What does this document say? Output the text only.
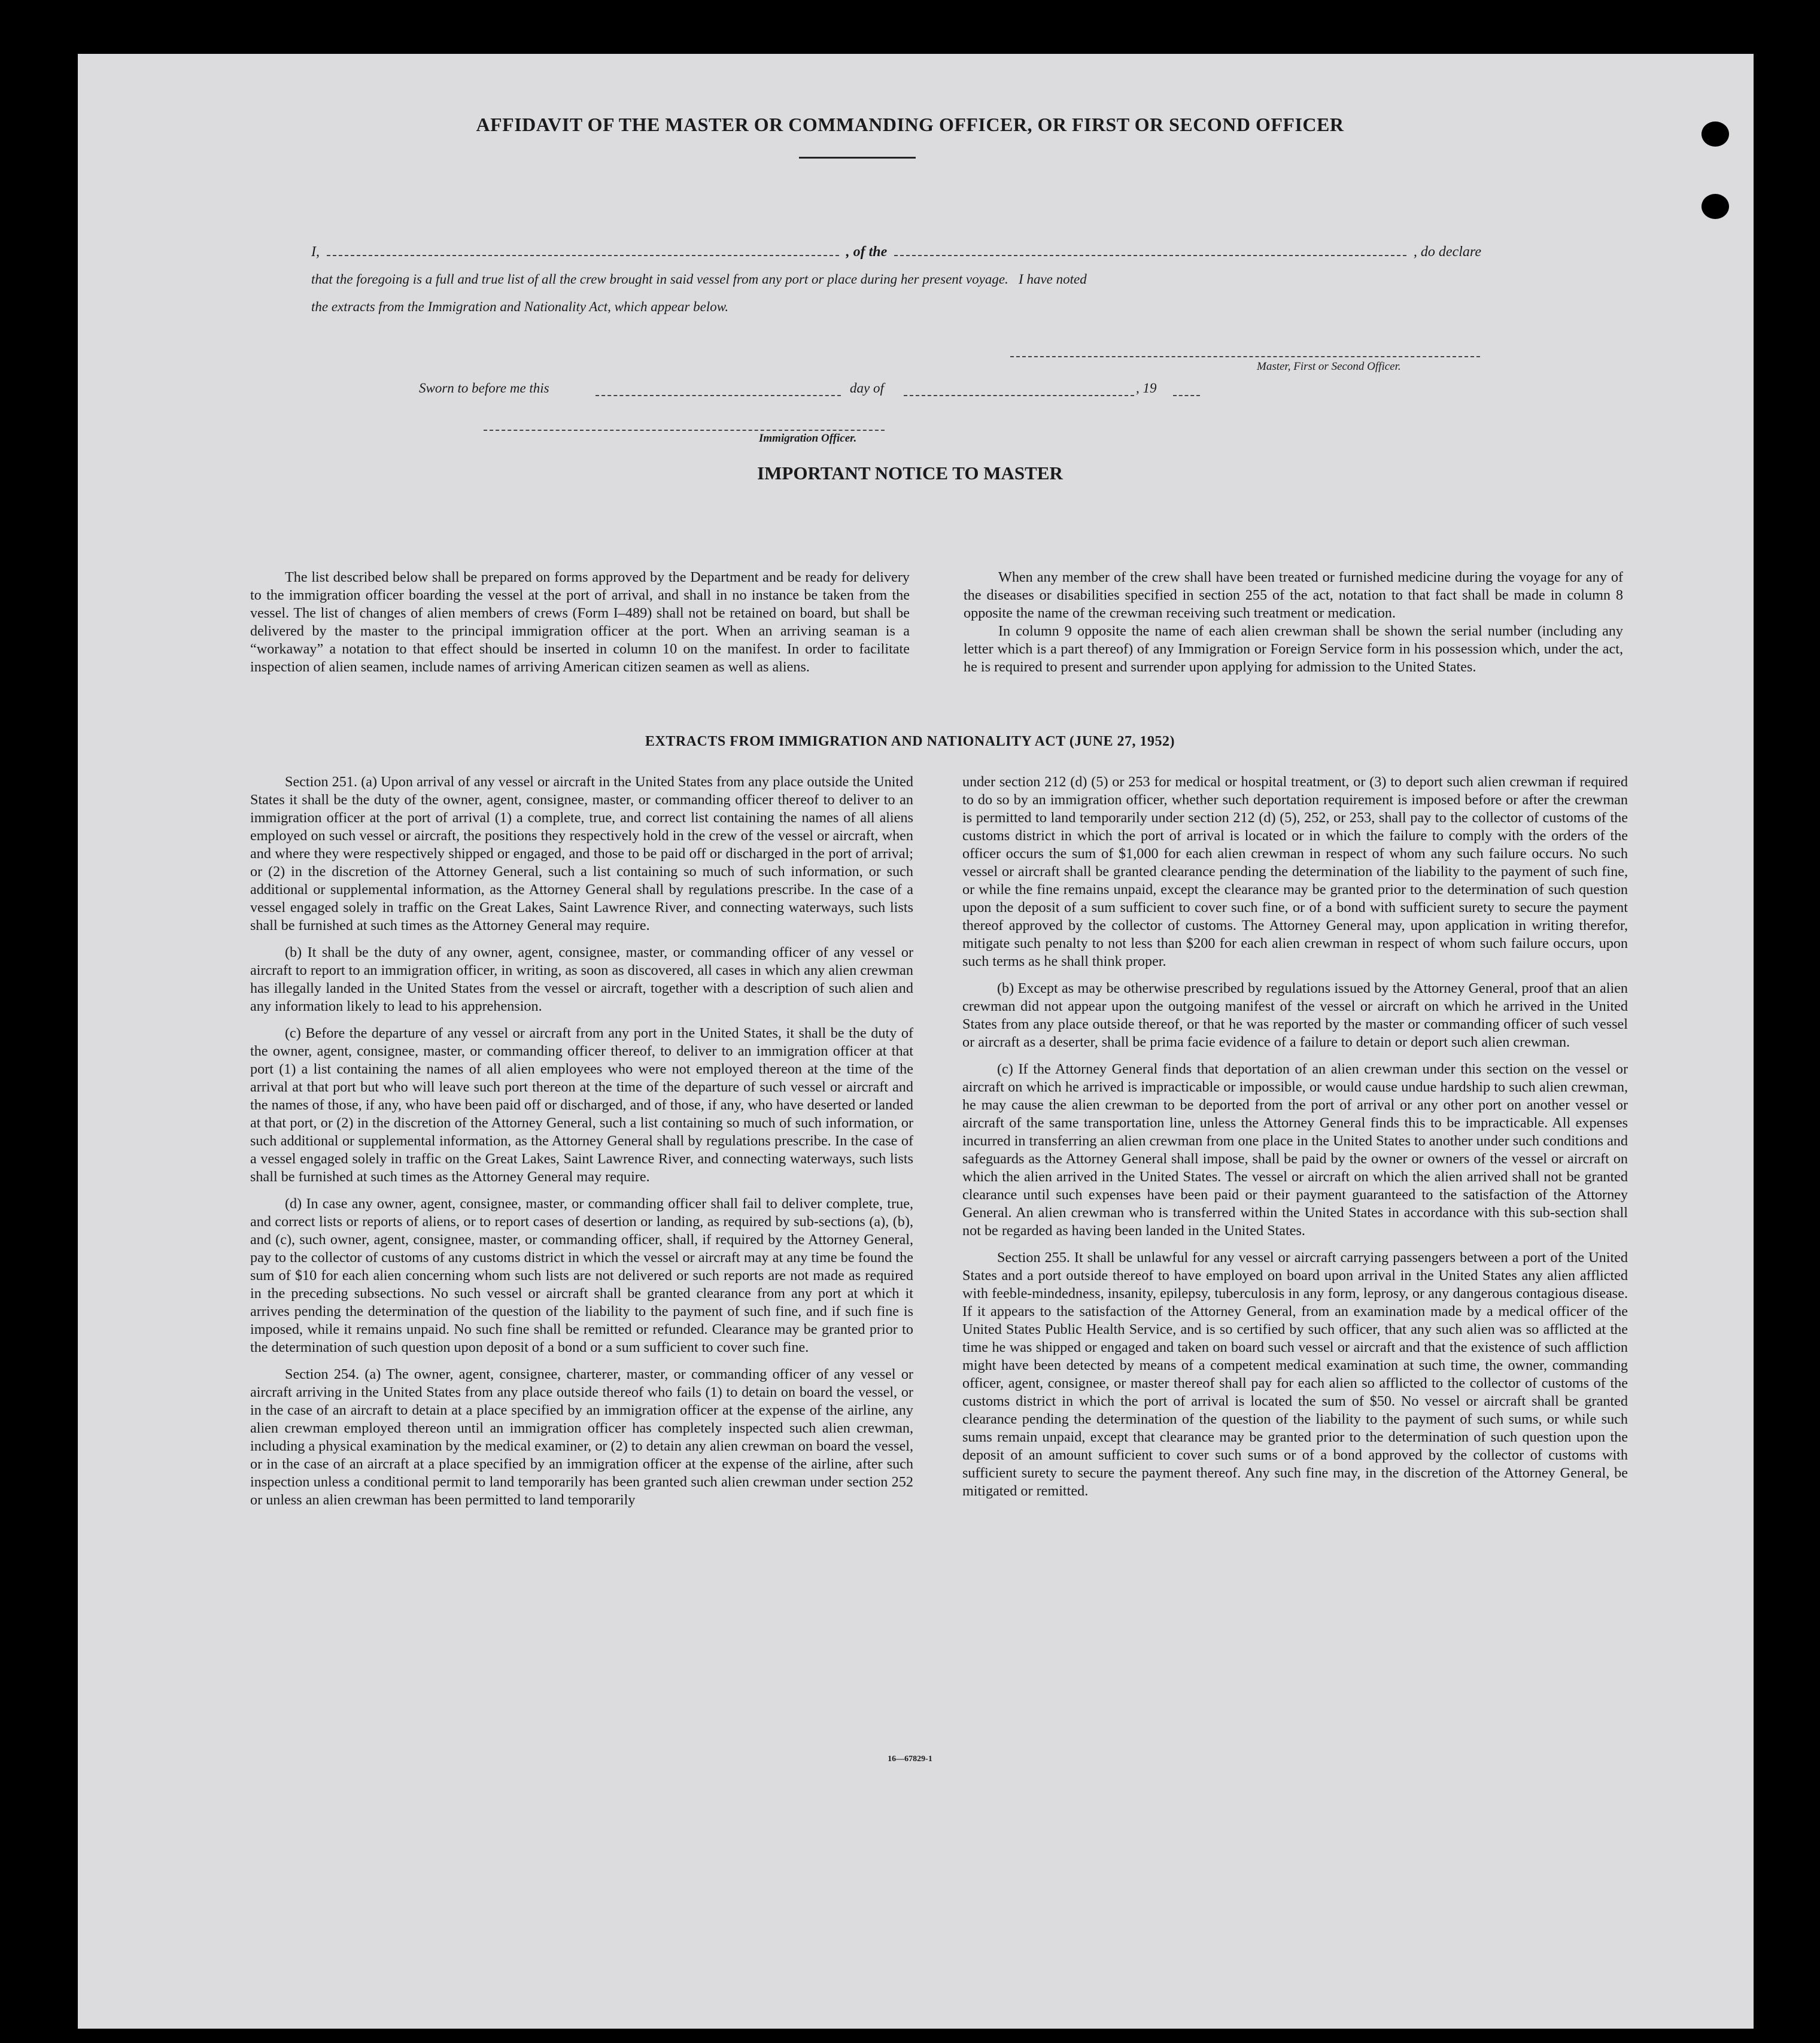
AFFIDAVIT OF THE MASTER OR COMMANDING OFFICER, OR FIRST OR SECOND OFFICER
I,	, of the	, do declare
that the foregoing is a full and true list of all the crew brought in said vessel from any port or place during her present voyage.   I have noted
the extracts from the Immigration and Nationality Act, which appear below.
Master, First or Second Officer.
Sworn to before me this	day of	, 19
Immigration Officer.
IMPORTANT NOTICE TO MASTER

The list described below shall be prepared on forms approved by the Department and be ready for delivery to the immigration officer boarding the vessel at the port of arrival, and shall in no instance be taken from the vessel. The list of changes of alien members of crews (Form I–489) shall not be retained on board, but shall be delivered by the master to the principal immigration officer at the port. When an arriving seaman is a “workaway” a notation to that effect should be inserted in column 10 on the manifest. In order to facilitate inspection of alien seamen, include names of arriving American citizen seamen as well as aliens.

When any member of the crew shall have been treated or furnished medicine during the voyage for any of the diseases or disabilities specified in section 255 of the act, notation to that fact shall be made in column 8 opposite the name of the crewman receiving such treatment or medication.

In column 9 opposite the name of each alien crewman shall be shown the serial number (including any letter which is a part thereof) of any Immigration or Foreign Service form in his possession which, under the act, he is required to present and surrender upon applying for admission to the United States.

EXTRACTS FROM IMMIGRATION AND NATIONALITY ACT (JUNE 27, 1952)

Section 251. (a) Upon arrival of any vessel or aircraft in the United States from any place outside the United States it shall be the duty of the owner, agent, consignee, master, or commanding officer thereof to deliver to an immigration officer at the port of arrival (1) a complete, true, and correct list containing the names of all aliens employed on such vessel or aircraft, the positions they respectively hold in the crew of the vessel or aircraft, when and where they were respectively shipped or engaged, and those to be paid off or discharged in the port of arrival; or (2) in the discretion of the Attorney General, such a list containing so much of such information, or such additional or supplemental information, as the Attorney General shall by regulations prescribe. In the case of a vessel engaged solely in traffic on the Great Lakes, Saint Lawrence River, and connecting waterways, such lists shall be furnished at such times as the Attorney General may require.

(b) It shall be the duty of any owner, agent, consignee, master, or commanding officer of any vessel or aircraft to report to an immigration officer, in writing, as soon as discovered, all cases in which any alien crewman has illegally landed in the United States from the vessel or aircraft, together with a description of such alien and any information likely to lead to his apprehension.

(c) Before the departure of any vessel or aircraft from any port in the United States, it shall be the duty of the owner, agent, consignee, master, or commanding officer thereof, to deliver to an immigration officer at that port (1) a list containing the names of all alien employees who were not employed thereon at the time of the arrival at that port but who will leave such port thereon at the time of the departure of such vessel or aircraft and the names of those, if any, who have been paid off or discharged, and of those, if any, who have deserted or landed at that port, or (2) in the discretion of the Attorney General, such a list containing so much of such information, or such additional or supplemental information, as the Attorney General shall by regulations prescribe. In the case of a vessel engaged solely in traffic on the Great Lakes, Saint Lawrence River, and connecting waterways, such lists shall be furnished at such times as the Attorney General may require.

(d) In case any owner, agent, consignee, master, or commanding officer shall fail to deliver complete, true, and correct lists or reports of aliens, or to report cases of desertion or landing, as required by sub-sections (a), (b), and (c), such owner, agent, consignee, master, or commanding officer, shall, if required by the Attorney General, pay to the collector of customs of any customs district in which the vessel or aircraft may at any time be found the sum of $10 for each alien concerning whom such lists are not delivered or such reports are not made as required in the preceding subsections. No such vessel or aircraft shall be granted clearance from any port at which it arrives pending the determination of the question of the liability to the payment of such fine, and if such fine is imposed, while it remains unpaid. No such fine shall be remitted or refunded. Clearance may be granted prior to the determination of such question upon deposit of a bond or a sum sufficient to cover such fine.

Section 254. (a) The owner, agent, consignee, charterer, master, or commanding officer of any vessel or aircraft arriving in the United States from any place outside thereof who fails (1) to detain on board the vessel, or in the case of an aircraft to detain at a place specified by an immigration officer at the expense of the airline, any alien crewman employed thereon until an immigration officer has completely inspected such alien crewman, including a physical examination by the medical examiner, or (2) to detain any alien crewman on board the vessel, or in the case of an aircraft at a place specified by an immigration officer at the expense of the airline, after such inspection unless a conditional permit to land temporarily has been granted such alien crewman under section 252 or unless an alien crewman has been permitted to land temporarily

under section 212 (d) (5) or 253 for medical or hospital treatment, or (3) to deport such alien crewman if required to do so by an immigration officer, whether such deportation requirement is imposed before or after the crewman is permitted to land temporarily under section 212 (d) (5), 252, or 253, shall pay to the collector of customs of the customs district in which the port of arrival is located or in which the failure to comply with the orders of the officer occurs the sum of $1,000 for each alien crewman in respect of whom any such failure occurs. No such vessel or aircraft shall be granted clearance pending the determination of the liability to the payment of such fine, or while the fine remains unpaid, except the clearance may be granted prior to the determination of such question upon the deposit of a sum sufficient to cover such fine, or of a bond with sufficient surety to secure the payment thereof approved by the collector of customs. The Attorney General may, upon application in writing therefor, mitigate such penalty to not less than $200 for each alien crewman in respect of whom such failure occurs, upon such terms as he shall think proper.

(b) Except as may be otherwise prescribed by regulations issued by the Attorney General, proof that an alien crewman did not appear upon the outgoing manifest of the vessel or aircraft on which he arrived in the United States from any place outside thereof, or that he was reported by the master or commanding officer of such vessel or aircraft as a deserter, shall be prima facie evidence of a failure to detain or deport such alien crewman.

(c) If the Attorney General finds that deportation of an alien crewman under this section on the vessel or aircraft on which he arrived is impracticable or impossible, or would cause undue hardship to such alien crewman, he may cause the alien crewman to be deported from the port of arrival or any other port on another vessel or aircraft of the same transportation line, unless the Attorney General finds this to be impracticable. All expenses incurred in transferring an alien crewman from one place in the United States to another under such conditions and safeguards as the Attorney General shall impose, shall be paid by the owner or owners of the vessel or aircraft on which the alien arrived in the United States. The vessel or aircraft on which the alien arrived shall not be granted clearance until such expenses have been paid or their payment guaranteed to the satisfaction of the Attorney General. An alien crewman who is transferred within the United States in accordance with this sub-section shall not be regarded as having been landed in the United States.

Section 255. It shall be unlawful for any vessel or aircraft carrying passengers between a port of the United States and a port outside thereof to have employed on board upon arrival in the United States any alien afflicted with feeble-mindedness, insanity, epilepsy, tuberculosis in any form, leprosy, or any dangerous contagious disease. If it appears to the satisfaction of the Attorney General, from an examination made by a medical officer of the United States Public Health Service, and is so certified by such officer, that any such alien was so afflicted at the time he was shipped or engaged and taken on board such vessel or aircraft and that the existence of such affliction might have been detected by means of a competent medical examination at such time, the owner, commanding officer, agent, consignee, or master thereof shall pay for each alien so afflicted to the collector of customs of the customs district in which the port of arrival is located the sum of $50. No vessel or aircraft shall be granted clearance pending the determination of the question of the liability to the payment of such sums, or while such sums remain unpaid, except that clearance may be granted prior to the determination of such question upon the deposit of an amount sufficient to cover such sums or of a bond approved by the collector of customs with sufficient surety to secure the payment thereof. Any such fine may, in the discretion of the Attorney General, be mitigated or remitted.

16—67829-1
